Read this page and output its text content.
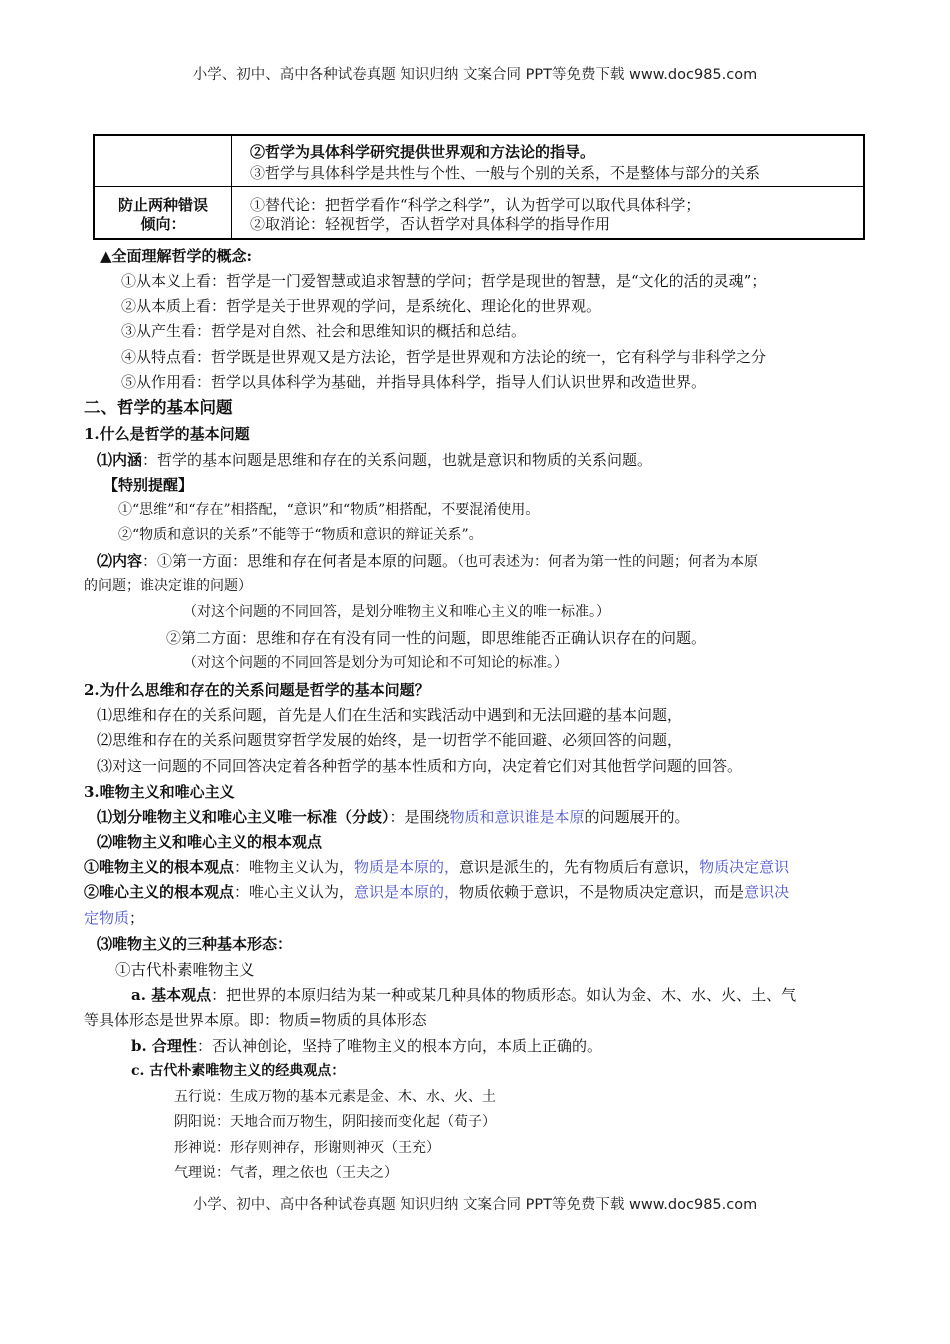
小学、初中、高中各种试卷真题 知识归纳 文案合同 PPT等免费下载 www.doc985.com
②哲学为具体科学研究提供世界观和方法论的指导。
③哲学与具体科学是共性与个性、一般与个别的关系，不是整体与部分的关系
防止两种错误
倾向：
①替代论：把哲学看作“科学之科学”，认为哲学可以取代具体科学；
②取消论：轻视哲学，否认哲学对具体科学的指导作用
▲全面理解哲学的概念:
①从本义上看：哲学是一门爱智慧或追求智慧的学问；哲学是现世的智慧，是“文化的活的灵魂”；
②从本质上看：哲学是关于世界观的学问，是系统化、理论化的世界观。
③从产生看：哲学是对自然、社会和思维知识的概括和总结。
④从特点看：哲学既是世界观又是方法论，哲学是世界观和方法论的统一，它有科学与非科学之分
⑤从作用看：哲学以具体科学为基础，并指导具体科学，指导人们认识世界和改造世界。
二、哲学的基本问题
1.什么是哲学的基本问题
⑴内涵：哲学的基本问题是思维和存在的关系问题，也就是意识和物质的关系问题。
【特别提醒】
①“思维”和“存在”相搭配，“意识”和“物质”相搭配，不要混淆使用。
②“物质和意识的关系”不能等于“物质和意识的辩证关系”。
⑵内容：①第一方面：思维和存在何者是本原的问题。（也可表述为：何者为第一性的问题；何者为本原
的问题；谁决定谁的问题）
（对这个问题的不同回答，是划分唯物主义和唯心主义的唯一标准。）
②第二方面：思维和存在有没有同一性的问题，即思维能否正确认识存在的问题。
（对这个问题的不同回答是划分为可知论和不可知论的标准。）
2.为什么思维和存在的关系问题是哲学的基本问题？
⑴思维和存在的关系问题，首先是人们在生活和实践活动中遇到和无法回避的基本问题，
⑵思维和存在的关系问题贯穿哲学发展的始终，是一切哲学不能回避、必须回答的问题，
⑶对这一问题的不同回答决定着各种哲学的基本性质和方向，决定着它们对其他哲学问题的回答。
3.唯物主义和唯心主义
⑴划分唯物主义和唯心主义唯一标准（分歧）：是围绕物质和意识谁是本原的问题展开的。
⑵唯物主义和唯心主义的根本观点
①唯物主义的根本观点：唯物主义认为，物质是本原的，意识是派生的，先有物质后有意识，物质决定意识
②唯心主义的根本观点：唯心主义认为，意识是本原的，物质依赖于意识，不是物质决定意识，而是意识决
定物质；
⑶唯物主义的三种基本形态：
①古代朴素唯物主义
a. 基本观点：把世界的本原归结为某一种或某几种具体的物质形态。如认为金、木、水、火、土、气
等具体形态是世界本原。即：物质=物质的具体形态
b. 合理性：否认神创论，坚持了唯物主义的根本方向，本质上正确的。
c. 古代朴素唯物主义的经典观点：
五行说：生成万物的基本元素是金、木、水、火、土
阴阳说：天地合而万物生，阴阳接而变化起（荀子）
形神说：形存则神存，形谢则神灭（王充）
气理说：气者，理之依也（王夫之）
小学、初中、高中各种试卷真题 知识归纳 文案合同 PPT等免费下载 www.doc985.com
